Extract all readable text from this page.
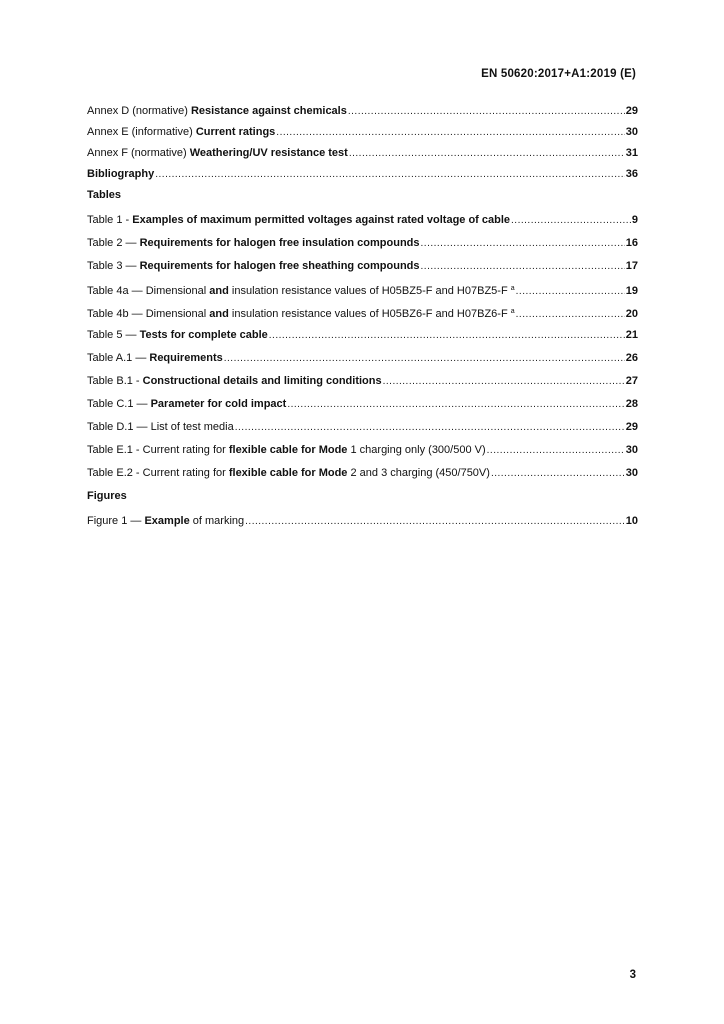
EN 50620:2017+A1:2019 (E)
Annex D (normative) Resistance against chemicals .....	29
Annex E (informative) Current ratings .....	30
Annex F (normative) Weathering/UV resistance test .....	31
Bibliography .....	36
Tables
Table 1 - Examples of maximum permitted voltages against rated voltage of cable .....	9
Table 2 — Requirements for halogen free insulation compounds .....	16
Table 3 — Requirements for halogen free sheathing compounds .....	17
Table 4a — Dimensional and insulation resistance values of H05BZ5-F and H07BZ5-F $^a$ .....	19
Table 4b — Dimensional and insulation resistance values of H05BZ6-F and H07BZ6-F $^a$ .....	20
Table 5 — Tests for complete cable .....	21
Table A.1 — Requirements .....	26
Table B.1 - Constructional details and limiting conditions .....	27
Table C.1 — Parameter for cold impact .....	28
Table D.1 — List of test media .....	29
Table E.1 - Current rating for flexible cable for Mode 1 charging only (300/500 V) .....	30
Table E.2 - Current rating for flexible cable for Mode 2 and 3 charging (450/750V) .....	30
Figures
Figure 1 — Example of marking .....	10
3
